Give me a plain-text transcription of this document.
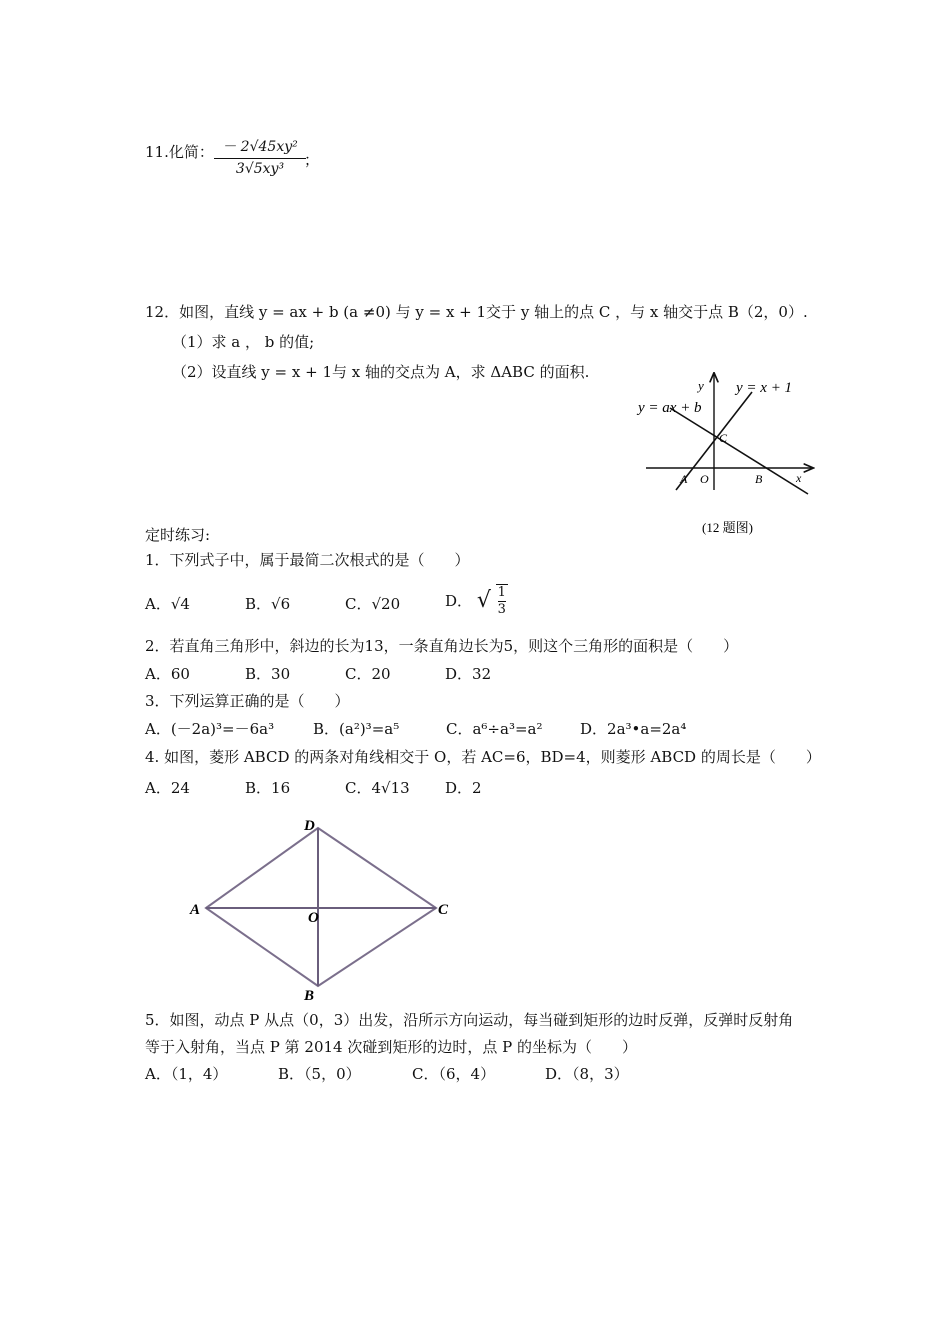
11.化简： － 2√45xy²
3√5xy³	；
12．如图，直线 y = ax + b (a ≠0) 与 y = x + 1交于 y 轴上的点 C ，与 x 轴交于点 B（2，0）.
（1）求 a ， b 的值;
（2）设直线 y = x + 1与 x 轴的交点为 A，求 ΔABC 的面积.
y y = x + 1
y = ax + b
C
A O	B	x
(12 题图)
定时练习:
1．下列式子中，属于最简二次根式的是（　　）
A．√4	B．√6	C．√20	D． √ $\frac{1}{3}$
2．若直角三角形中，斜边的长为13，一条直角边长为5，则这个三角形的面积是（　　）
A．60	B．30	C．20	D．32
3．下列运算正确的是（　　）
A．(－2a)³=－6a³	B．(a²)³=a⁵	C．a⁶÷a³=a²	D．2a³•a=2a⁴
4. 如图，菱形 ABCD 的两条对角线相交于 O，若 AC=6，BD=4，则菱形 ABCD 的周长是（　　）
A．24	B．16	C．4√13 D．2
A
D
C
O
B
5．如图，动点 P 从点（0，3）出发，沿所示方向运动，每当碰到矩形的边时反弹，反弹时反射角
等于入射角，当点 P 第 2014 次碰到矩形的边时，点 P 的坐标为（　　）
A．（1，4）	B．（5，0）	C．（6，4）	D．（8，3）
